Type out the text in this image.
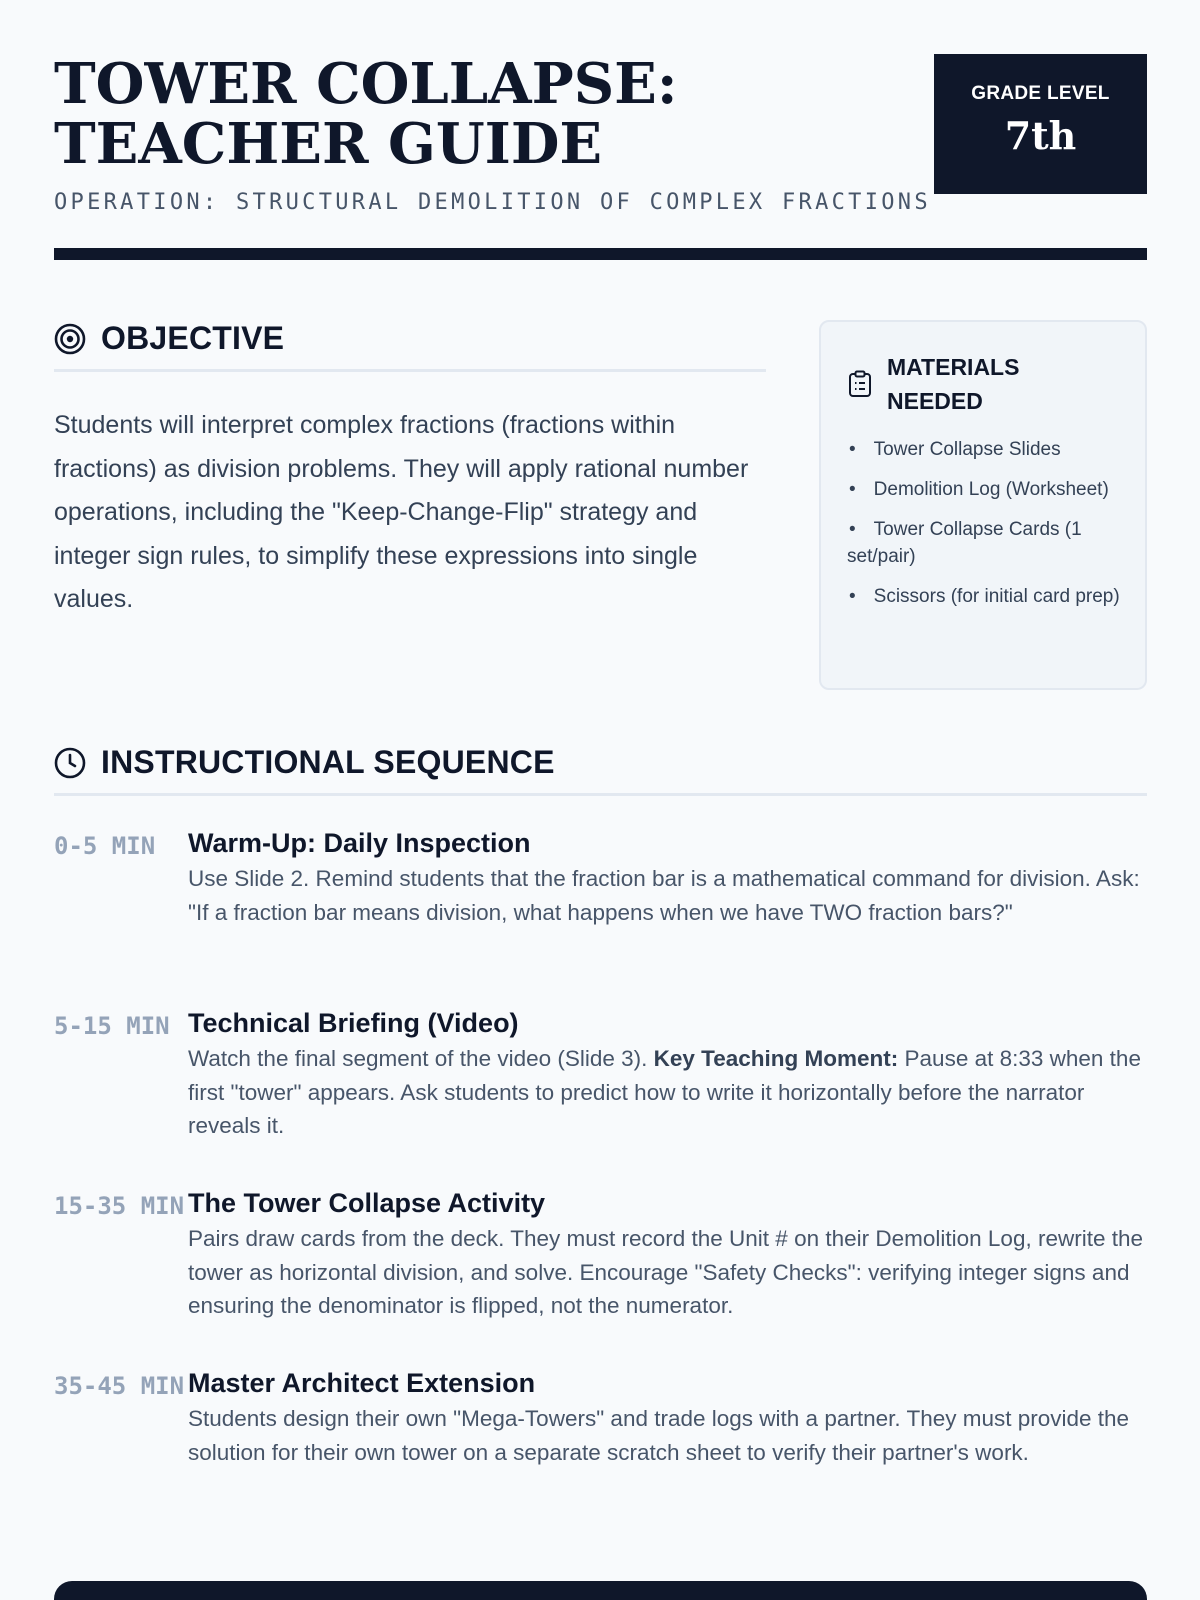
TOWER COLLAPSE: TEACHER GUIDE
OPERATION: STRUCTURAL DEMOLITION OF COMPLEX FRACTIONS
GRADE LEVEL
7th
OBJECTIVE

Students will interpret complex fractions (fractions within fractions) as division problems. They will apply rational number operations, including the "Keep-Change-Flip" strategy and integer sign rules, to simplify these expressions into single values.

MATERIALS NEEDED
• Tower Collapse Slides
• Demolition Log (Worksheet)
• Tower Collapse Cards (1 set/pair)
• Scissors (for initial card prep)
INSTRUCTIONAL SEQUENCE
0-5 MIN	Warm-Up: Daily Inspection
Use Slide 2. Remind students that the fraction bar is a mathematical command for division. Ask: "If a fraction bar means division, what happens when we have TWO fraction bars?"
5-15 MIN Technical Briefing (Video)
Watch the final segment of the video (Slide 3). Key Teaching Moment: Pause at 8:33 when the first "tower" appears. Ask students to predict how to write it horizontally before the narrator reveals it.
15-35 MIN The Tower Collapse Activity
Pairs draw cards from the deck. They must record the Unit # on their Demolition Log, rewrite the tower as horizontal division, and solve. Encourage "Safety Checks": verifying integer signs and ensuring the denominator is flipped, not the numerator.
35-45 MIN Master Architect Extension
Students design their own "Mega-Towers" and trade logs with a partner. They must provide the solution for their own tower on a separate scratch sheet to verify their partner's work.
